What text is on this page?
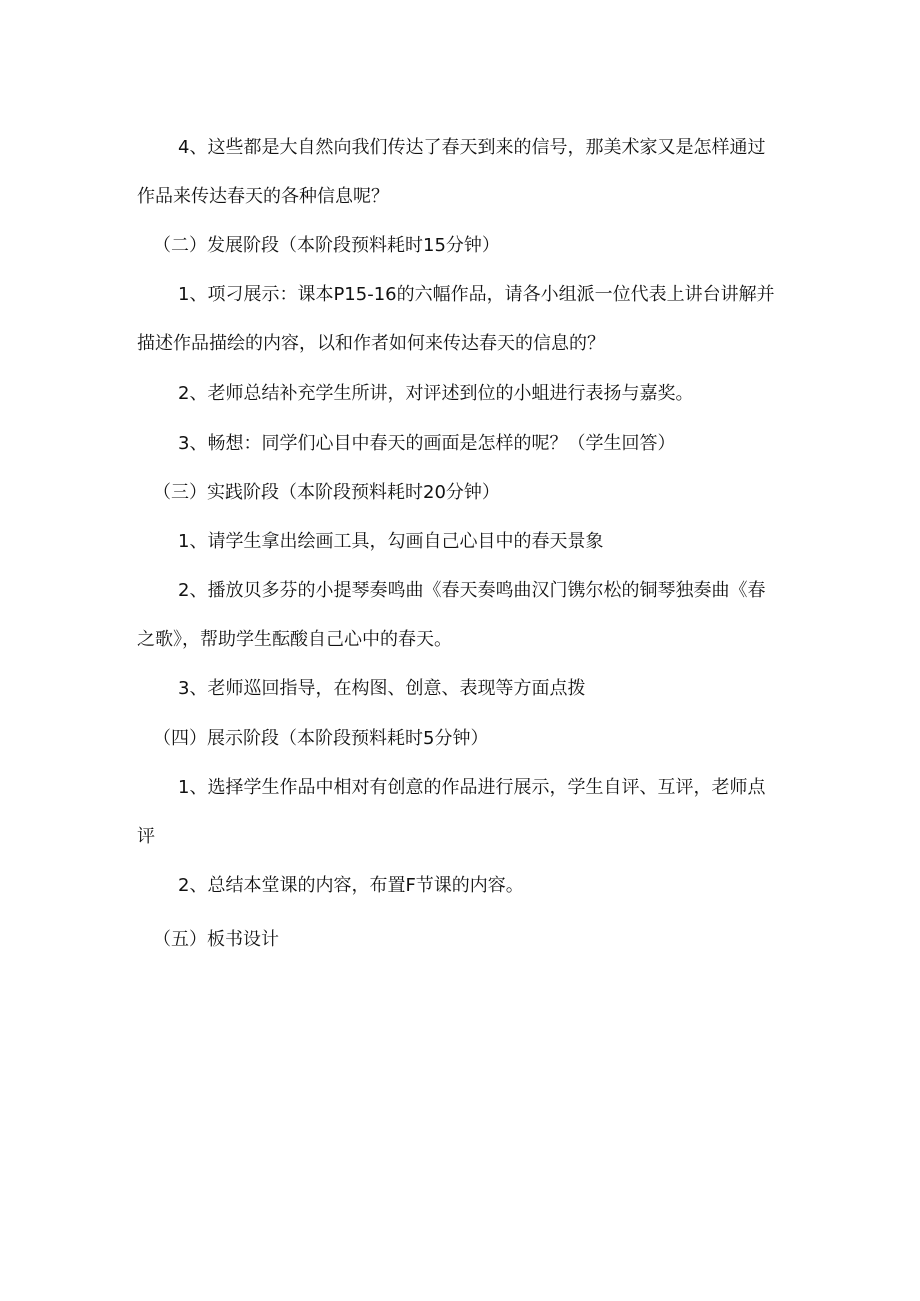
4、这些都是大自然向我们传达了春天到来的信号，那美术家又是怎样通过

作品来传达春天的各种信息呢？

（二）发展阶段（本阶段预料耗时15分钟）

1、项刁展示：课本P15-16的六幅作品，请各小组派一位代表上讲台讲解并

描述作品描绘的内容，以和作者如何来传达春天的信息的？

2、老师总结补充学生所讲，对评述到位的小蛆进行表扬与嘉奖。

3、畅想：同学们心目中春天的画面是怎样的呢？（学生回答）

（三）实践阶段（本阶段预料耗时20分钟）

1、请学生拿出绘画工具，勾画自己心目中的春天景象

2、播放贝多芬的小提琴奏鸣曲《春天奏鸣曲汉门镌尔松的铜琴独奏曲《春

之歌》，帮助学生酝酸自己心中的春天。

3、老师巡回指导，在构图、创意、表现等方面点拨

（四）展示阶段（本阶段预料耗时5分钟）

1、选择学生作品中相对有创意的作品进行展示，学生自评、互评，老师点

评

2、总结本堂课的内容，布置F节课的内容。

（五）板书设计
